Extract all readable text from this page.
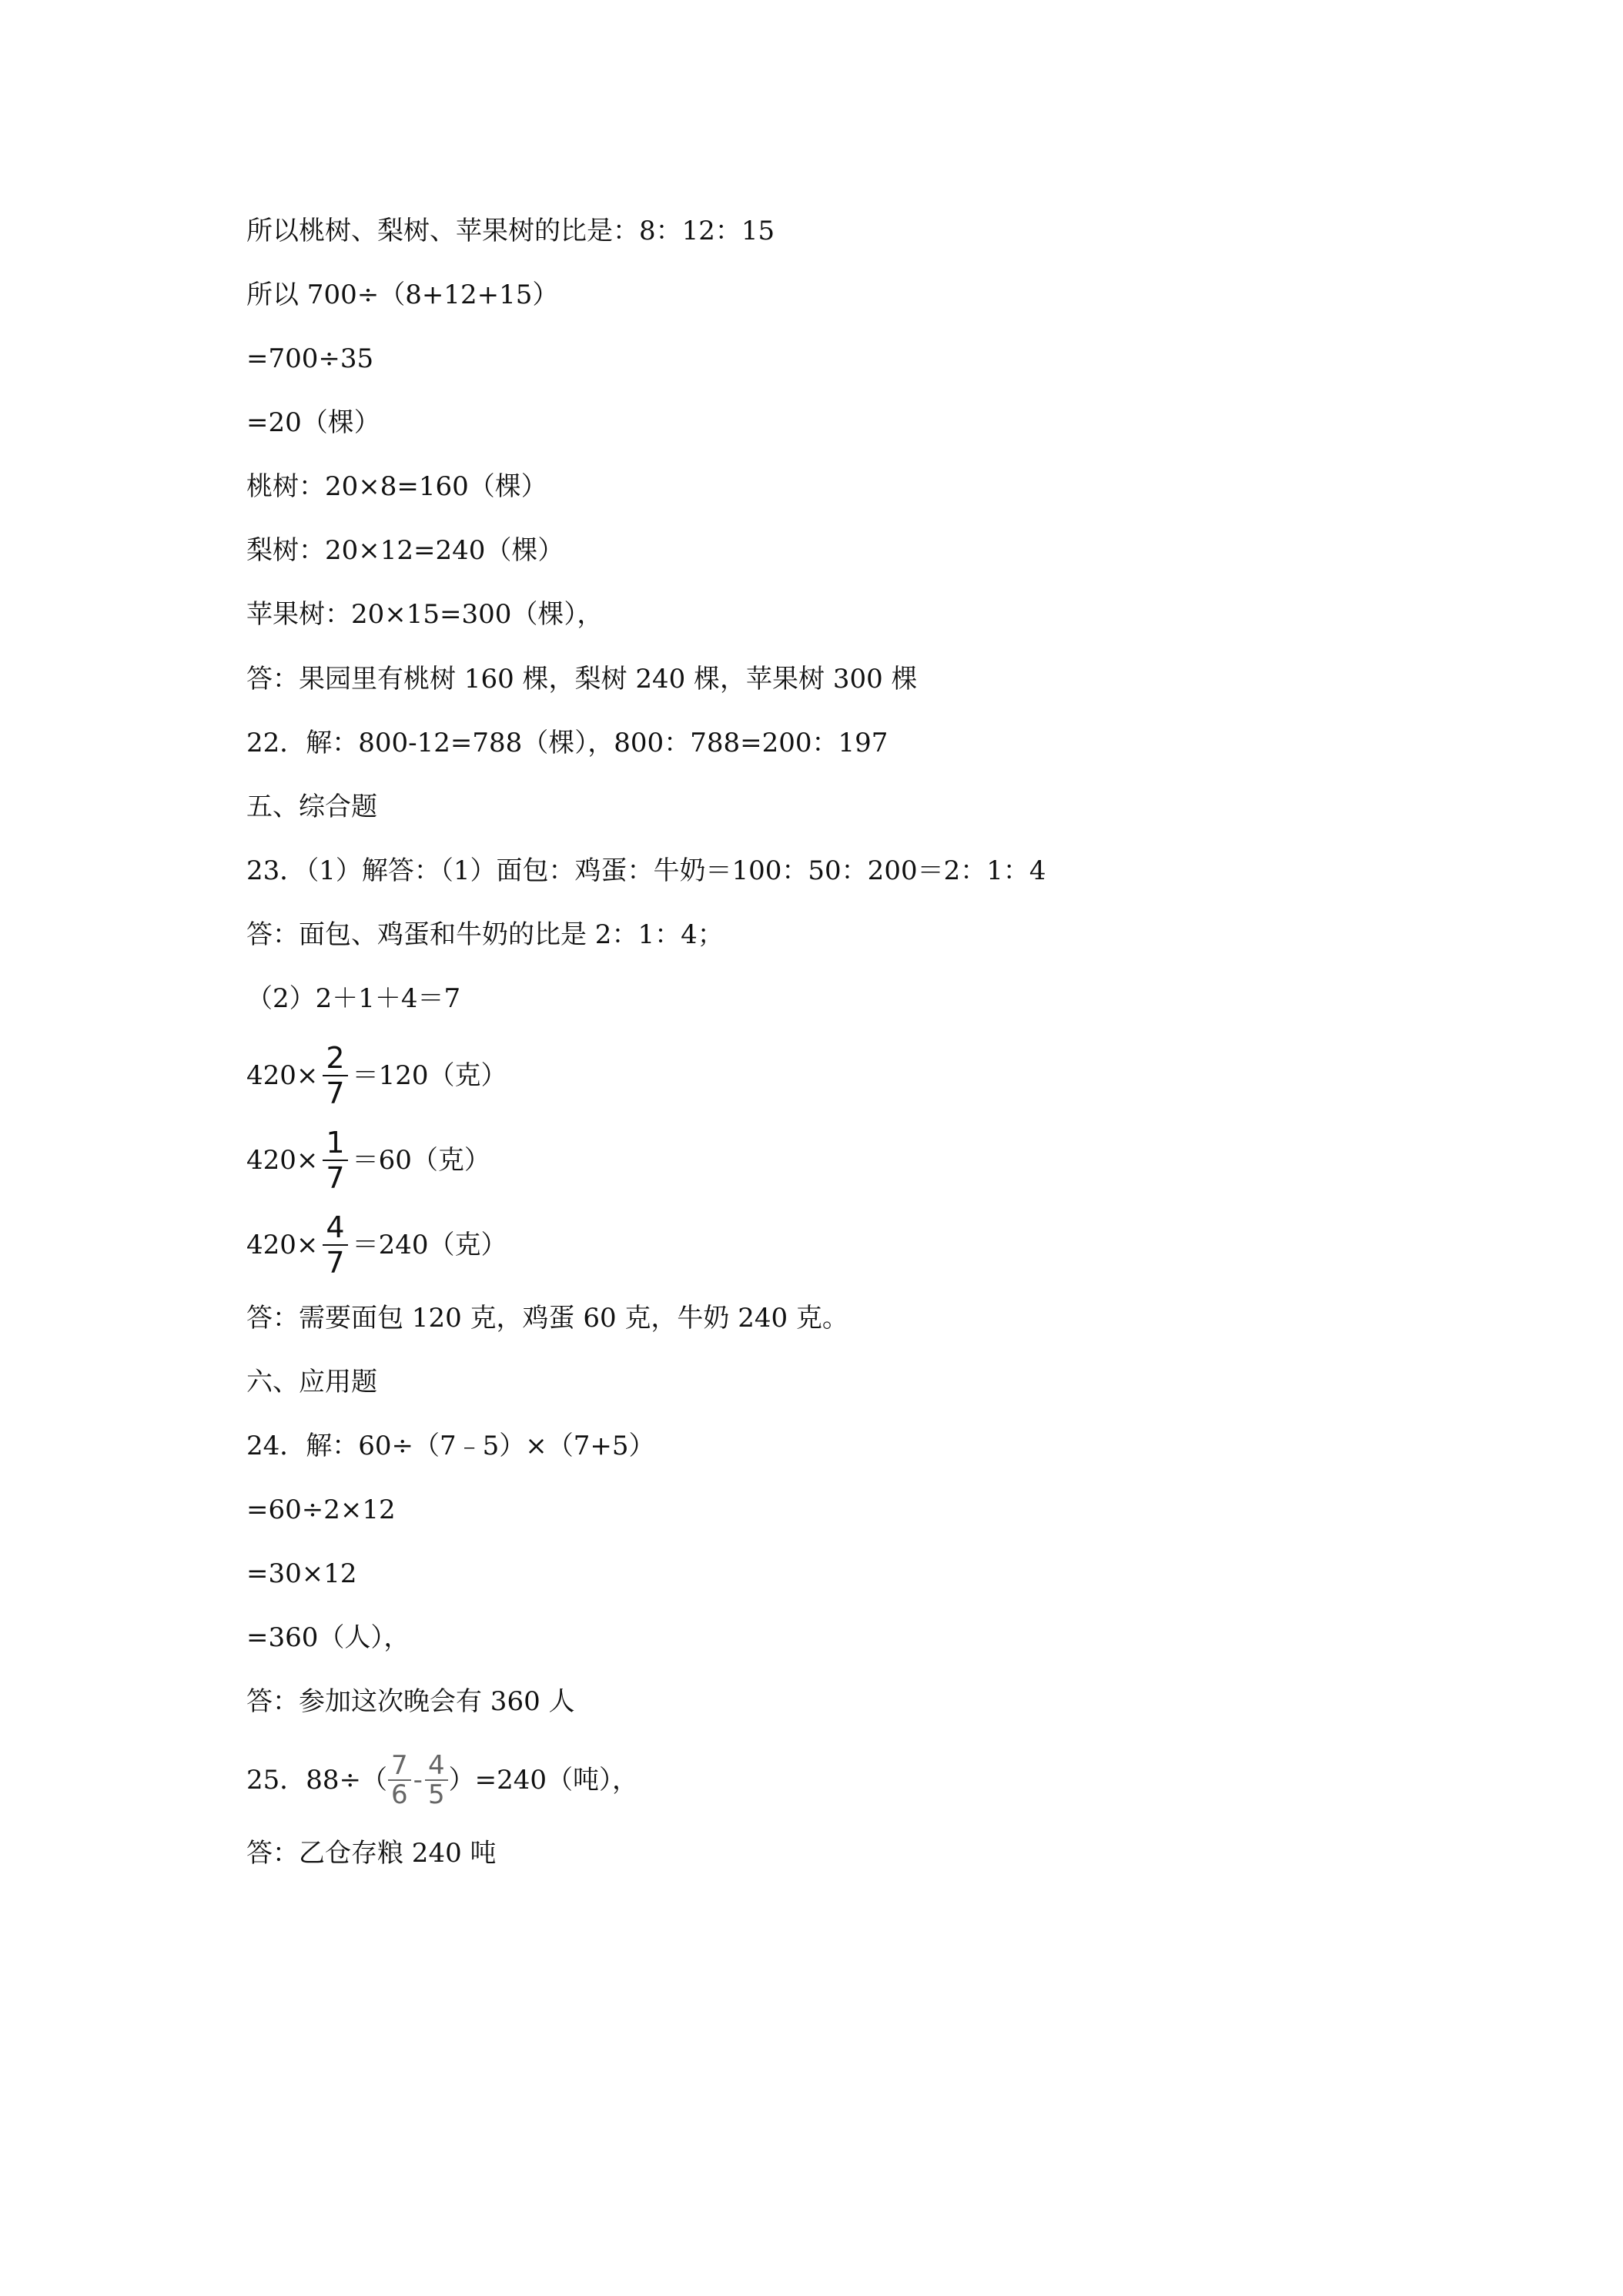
所以桃树、梨树、苹果树的比是：8：12：15
所以 700÷（8+12+15）
=700÷35
=20（棵）
桃树：20×8=160（棵）
梨树：20×12=240（棵）
苹果树：20×15=300（棵），
答：果园里有桃树 160 棵，梨树 240 棵，苹果树 300 棵
22．解：800-12=788（棵），800：788=200：197
五、综合题
23．（1）解答：（1）面包：鸡蛋：牛奶＝100：50：200＝2：1：4
答：面包、鸡蛋和牛奶的比是 2：1：4；
（2）2＋1＋4＝7
$420\times \frac{2}{7} =120$（克）
$420\times \frac{1}{7} =60$（克）
$420\times \frac{4}{7} =240$（克）
答：需要面包 120 克，鸡蛋 60 克，牛奶 240 克。
六、应用题
24．解：60÷（7﹣5）×（7+5）
=60÷2×12
=30×12
=360（人），
答：参加这次晚会有 360 人
25．$88\div( \frac{7}{6} - \frac{4}{5} )=240$（吨），
答：乙仓存粮 240 吨
